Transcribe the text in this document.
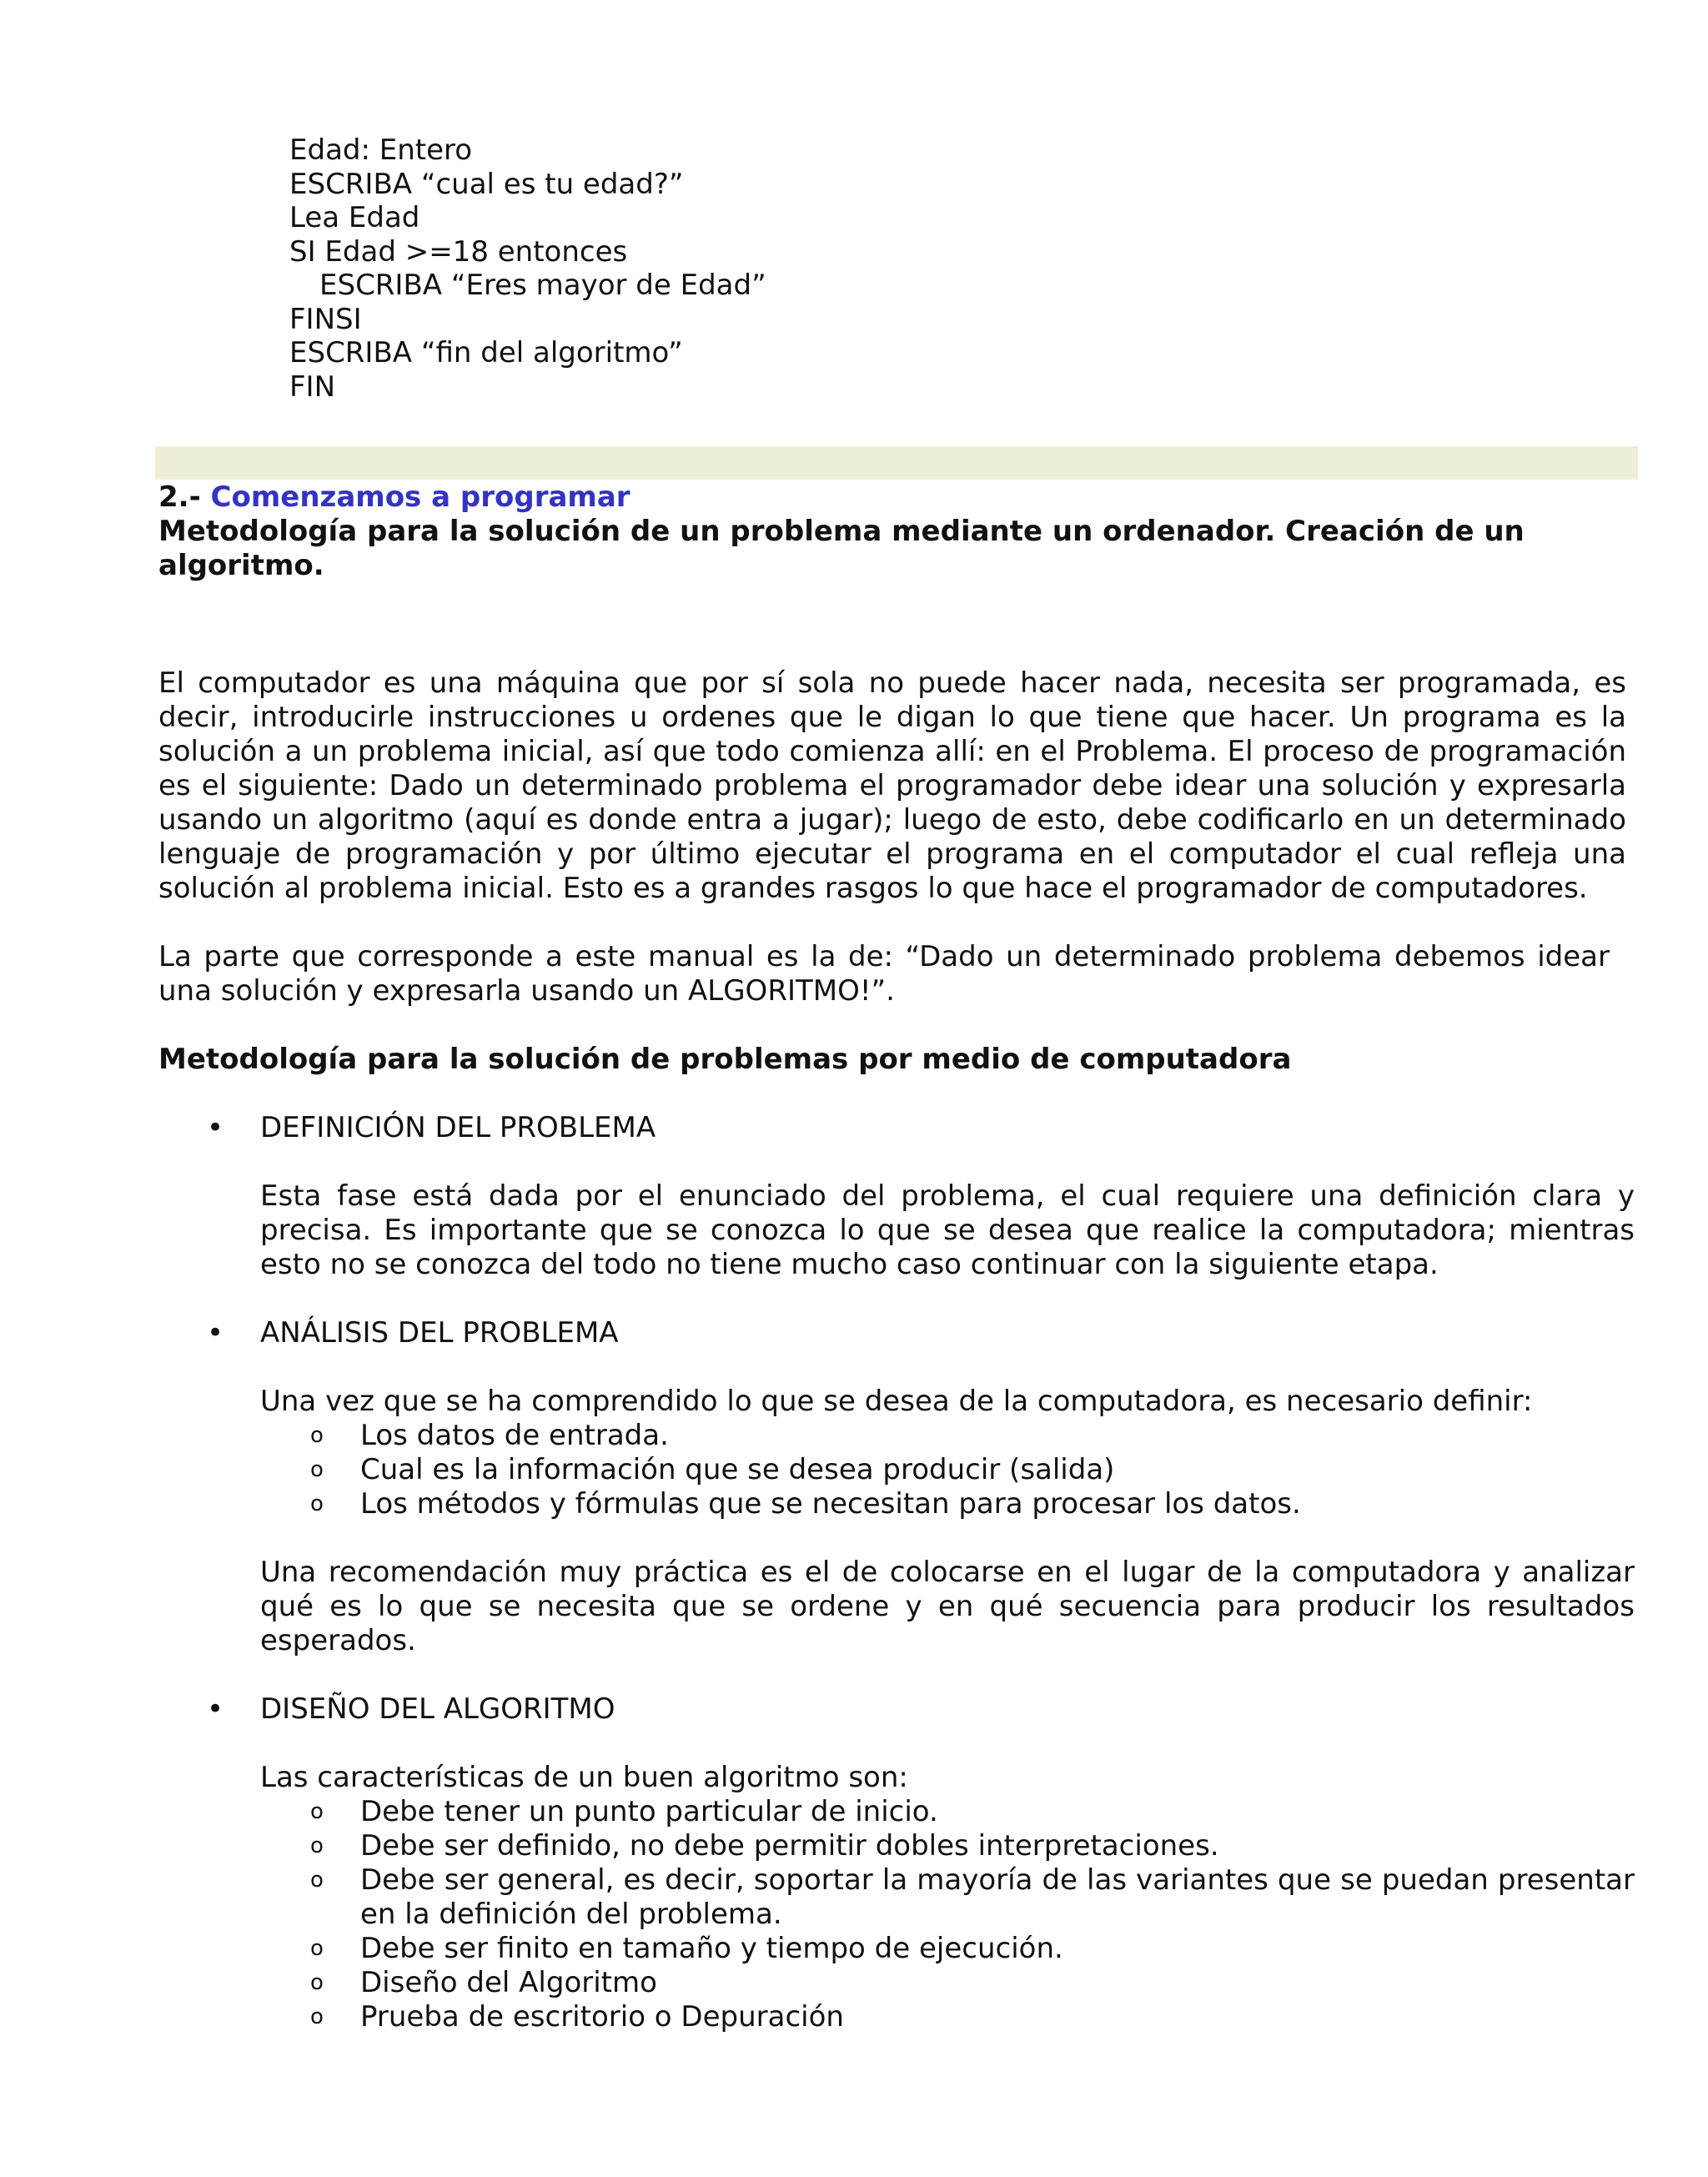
Edad: Entero
ESCRIBA “cual es tu edad?”
Lea Edad
SI Edad >=18 entonces
ESCRIBA “Eres mayor de Edad”
FINSI
ESCRIBA “fin del algoritmo”
FIN

2.- Comenzamos a programar

Metodología para la solución de un problema mediante un ordenador. Creación de un algoritmo.

El computador es una máquina que por sí sola no puede hacer nada, necesita ser programada, es decir, introducirle instrucciones u ordenes que le digan lo que tiene que hacer. Un programa es la solución a un problema inicial, así que todo comienza allí: en el Problema. El proceso de programación es el siguiente: Dado un determinado problema el programador debe idear una solución y expresarla usando un algoritmo (aquí es donde entra a jugar); luego de esto, debe codificarlo en un determinado lenguaje de programación y por último ejecutar el programa en el computador el cual refleja una solución al problema inicial. Esto es a grandes rasgos lo que hace el programador de computadores.

La parte que corresponde a este manual es la de: “Dado un determinado problema debemos idear una solución y expresarla usando un ALGORITMO!”.

Metodología para la solución de problemas por medio de computadora

• DEFINICIÓN DEL PROBLEMA

Esta fase está dada por el enunciado del problema, el cual requiere una definición clara y precisa. Es importante que se conozca lo que se desea que realice la computadora; mientras esto no se conozca del todo no tiene mucho caso continuar con la siguiente etapa.

• ANÁLISIS DEL PROBLEMA

Una vez que se ha comprendido lo que se desea de la computadora, es necesario definir:

o Los datos de entrada.
o Cual es la información que se desea producir (salida)
o Los métodos y fórmulas que se necesitan para procesar los datos.

Una recomendación muy práctica es el de colocarse en el lugar de la computadora y analizar qué es lo que se necesita que se ordene y en qué secuencia para producir los resultados esperados.

• DISEÑO DEL ALGORITMO

Las características de un buen algoritmo son:

o Debe tener un punto particular de inicio.
o Debe ser definido, no debe permitir dobles interpretaciones.
o Debe ser general, es decir, soportar la mayoría de las variantes que se puedan presentar en la definición del problema.
o Debe ser finito en tamaño y tiempo de ejecución.
o Diseño del Algoritmo
o Prueba de escritorio o Depuración
